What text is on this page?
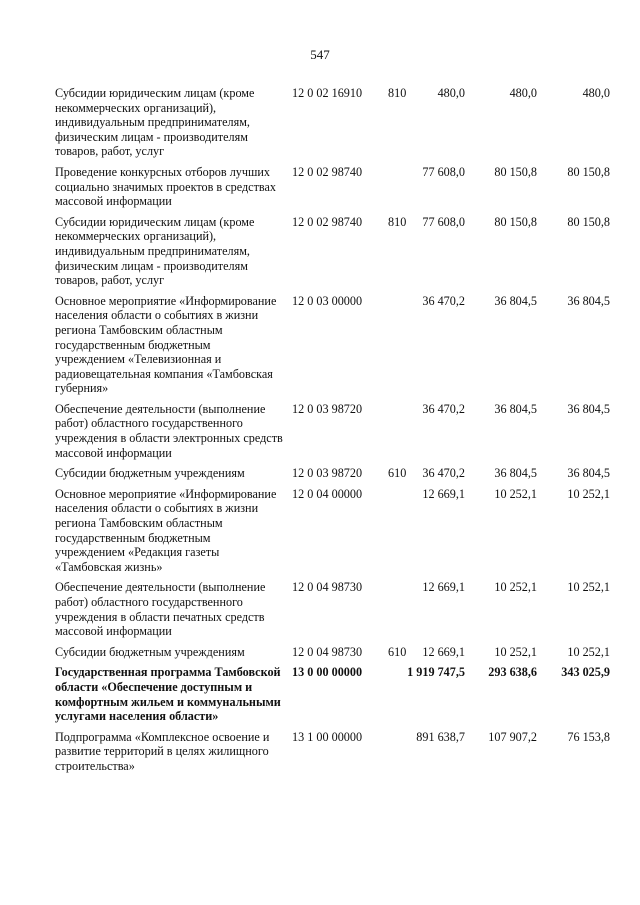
547
Субсидии юридическим лицам (кроме некоммерческих организаций), индивидуальным предпринимателям, физическим лицам - производителям товаров, работ, услуг
12 0 02 16910 810	480,0	480,0	480,0
Проведение конкурсных отборов лучших социально значимых проектов в средствах массовой информации
12 0 02 98740	77 608,0	80 150,8	80 150,8
Субсидии юридическим лицам (кроме некоммерческих организаций), индивидуальным предпринимателям, физическим лицам - производителям товаров, работ, услуг
12 0 02 98740 810	77 608,0	80 150,8	80 150,8
Основное мероприятие «Информирование населения области о событиях в жизни региона Тамбовским областным государственным бюджетным учреждением «Телевизионная и радиовещательная компания «Тамбовская губерния»
12 0 03 00000	36 470,2	36 804,5	36 804,5
Обеспечение деятельности (выполнение работ) областного государственного учреждения в области электронных средств массовой информации
12 0 03 98720	36 470,2	36 804,5	36 804,5
Субсидии бюджетным учреждениям	12 0 03 98720 610	36 470,2	36 804,5	36 804,5
Основное мероприятие «Информирование населения области о событиях в жизни региона Тамбовским областным государственным бюджетным учреждением «Редакция газеты «Тамбовская жизнь»
12 0 04 00000	12 669,1	10 252,1	10 252,1
Обеспечение деятельности (выполнение работ) областного государственного учреждения в области печатных средств массовой информации
12 0 04 98730	12 669,1	10 252,1	10 252,1
Субсидии бюджетным учреждениям	12 0 04 98730 610	12 669,1	10 252,1	10 252,1
Государственная программа Тамбовской области «Обеспечение доступным и комфортным жильем и коммунальными услугами населения области»
13 0 00 00000	1 919 747,5	293 638,6	343 025,9
Подпрограмма «Комплексное освоение и развитие территорий в целях жилищного строительства»
13 1 00 00000	891 638,7	107 907,2	76 153,8
